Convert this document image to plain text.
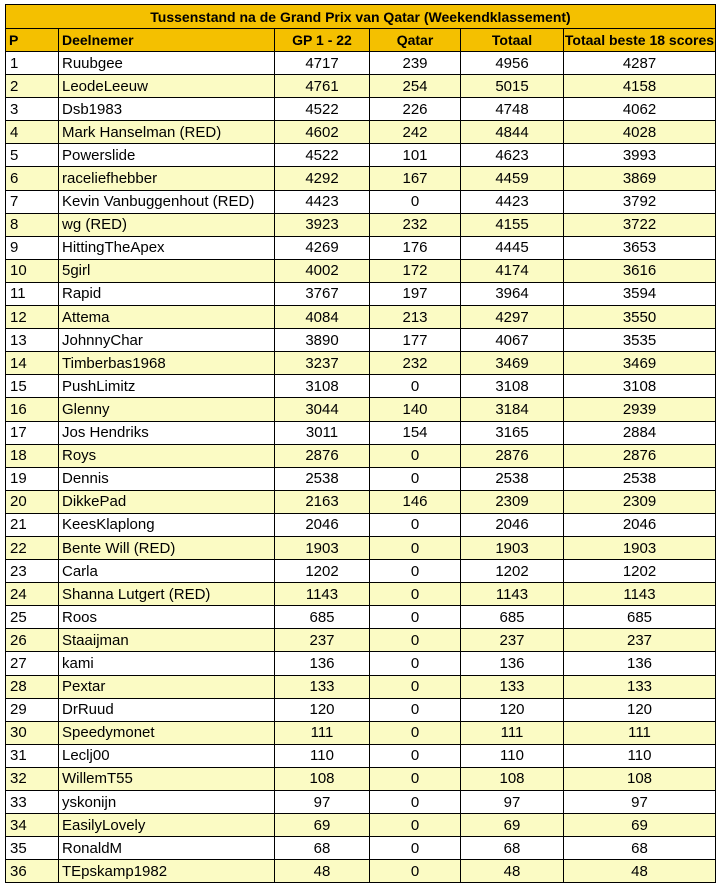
Tussenstand na de Grand Prix van Qatar (Weekendklassement)					
P	Deelnemer	GP 1 - 22	Qatar	Totaal	Totaal beste 18 scores
1	Ruubgee	4717	239	4956	4287
2	LeodeLeeuw	4761	254	5015	4158
3	Dsb1983	4522	226	4748	4062
4	Mark Hanselman (RED)	4602	242	4844	4028
5	Powerslide	4522	101	4623	3993
6	raceliefhebber	4292	167	4459	3869
7	Kevin Vanbuggenhout (RED)	4423	0	4423	3792
8	wg (RED)	3923	232	4155	3722
9	HittingTheApex	4269	176	4445	3653
10	5girl	4002	172	4174	3616
11	Rapid	3767	197	3964	3594
12	Attema	4084	213	4297	3550
13	JohnnyChar	3890	177	4067	3535
14	Timberbas1968	3237	232	3469	3469
15	PushLimitz	3108	0	3108	3108
16	Glenny	3044	140	3184	2939
17	Jos Hendriks	3011	154	3165	2884
18	Roys	2876	0	2876	2876
19	Dennis	2538	0	2538	2538
20	DikkePad	2163	146	2309	2309
21	KeesKlaplong	2046	0	2046	2046
22	Bente Will (RED)	1903	0	1903	1903
23	Carla	1202	0	1202	1202
24	Shanna Lutgert (RED)	1143	0	1143	1143
25	Roos	685	0	685	685
26	Staaijman	237	0	237	237
27	kami	136	0	136	136
28	Pextar	133	0	133	133
29	DrRuud	120	0	120	120
30	Speedymonet	111	0	111	111
31	Leclj00	110	0	110	110
32	WillemT55	108	0	108	108
33	yskonijn	97	0	97	97
34	EasilyLovely	69	0	69	69
35	RonaldM	68	0	68	68
36	TEpskamp1982	48	0	48	48
